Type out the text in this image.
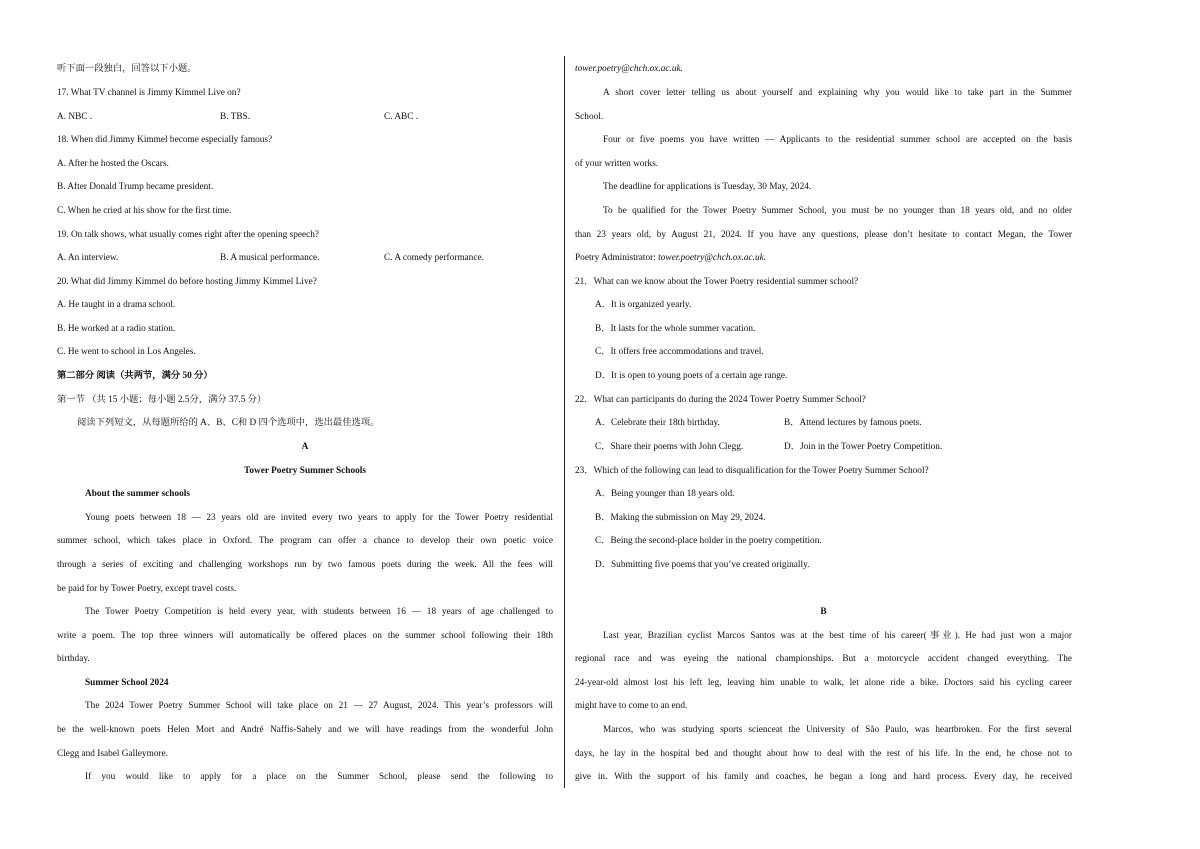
听下面一段独白，回答以下小题。
17. What TV channel is Jimmy Kimmel Live on?
A. NBC .	B. TBS.	C. ABC .
18. When did Jimmy Kimmel become especially famous?
A. After he hosted the Oscars.
B. After Donald Trump became president.
C. When he cried at his show for the first time.
19. On talk shows, what usually comes right after the opening speech?
A. An interview.	B. A musical performance.	C. A comedy performance.
20. What did Jimmy Kimmel do before hosting Jimmy Kimmel Live?
A. He taught in a drama school.
B. He worked at a radio station.
C. He went to school in Los Angeles.
第二部分 阅读（共两节，满分 50 分）
第一节 （共 15 小题；每小题 2.5分，满分 37.5 分）
阅读下列短文，从每题所给的 A、B、C和 D 四个选项中，选出最佳选项。
A
Tower Poetry Summer Schools
About the summer schools
Young poets between 18 — 23 years old are invited every two years to apply for the Tower Poetry residential
summer school, which takes place in Oxford. The program can offer a chance to develop their own poetic voice
through a series of exciting and challenging workshops run by two famous poets during the week. All the fees will
be paid for by Tower Poetry, except travel costs.
The Tower Poetry Competition is held every year, with students between 16 — 18 years of age challenged to
write a poem. The top three winners will automatically be offered places on the summer school following their 18th
birthday.
Summer School 2024
The 2024 Tower Poetry Summer School will take place on 21 — 27 August, 2024. This year’s professors will
be the well-known poets Helen Mort and André Naffis-Sahely and we will have readings from the wonderful John
Clegg and Isabel Galleymore.
If you would like to apply for a place on the Summer School, please send the following to
tower.poetry@chch.ox.ac.uk.
A short cover letter telling us about yourself and explaining why you would like to take part in the Summer
School.
Four or five poems you have written — Applicants to the residential summer school are accepted on the basis
of your written works.
The deadline for applications is Tuesday, 30 May, 2024.
To be qualified for the Tower Poetry Summer School, you must be no younger than 18 years old, and no older
than 23 years old, by August 21, 2024. If you have any questions, please don’t hesitate to contact Megan, the Tower
Poetry Administrator: tower.poetry@chch.ox.ac.uk.
21．What can we know about the Tower Poetry residential summer school?
A．It is organized yearly.
B．It lasts for the whole summer vacation.
C．It offers free accommodations and travel.
D．It is open to young poets of a certain age range.
22．What can participants do during the 2024 Tower Poetry Summer School?
A．Celebrate their 18th birthday.	B．Attend lectures by famous poets.
C．Share their poems with John Clegg.	D．Join in the Tower Poetry Competition.
23．Which of the following can lead to disqualification for the Tower Poetry Summer School?
A．Being younger than 18 years old.
B．Making the submission on May 29, 2024.
C．Being the second-place holder in the poetry competition.
D．Submitting five poems that you’ve created originally.
B
Last year, Brazilian cyclist Marcos Santos was at the best time of his career(事业). He had just won a major
regional race and was eyeing the national championships. But a motorcycle accident changed everything. The
24-year-old almost lost his left leg, leaving him unable to walk, let alone ride a bike. Doctors said his cycling career
might have to come to an end.
Marcos, who was studying sports scienceat the University of São Paulo, was heartbroken. For the first several
days, he lay in the hospital bed and thought about how to deal with the rest of his life. In the end, he chose not to
give in. With the support of his family and coaches, he began a long and hard process. Every day, he received
